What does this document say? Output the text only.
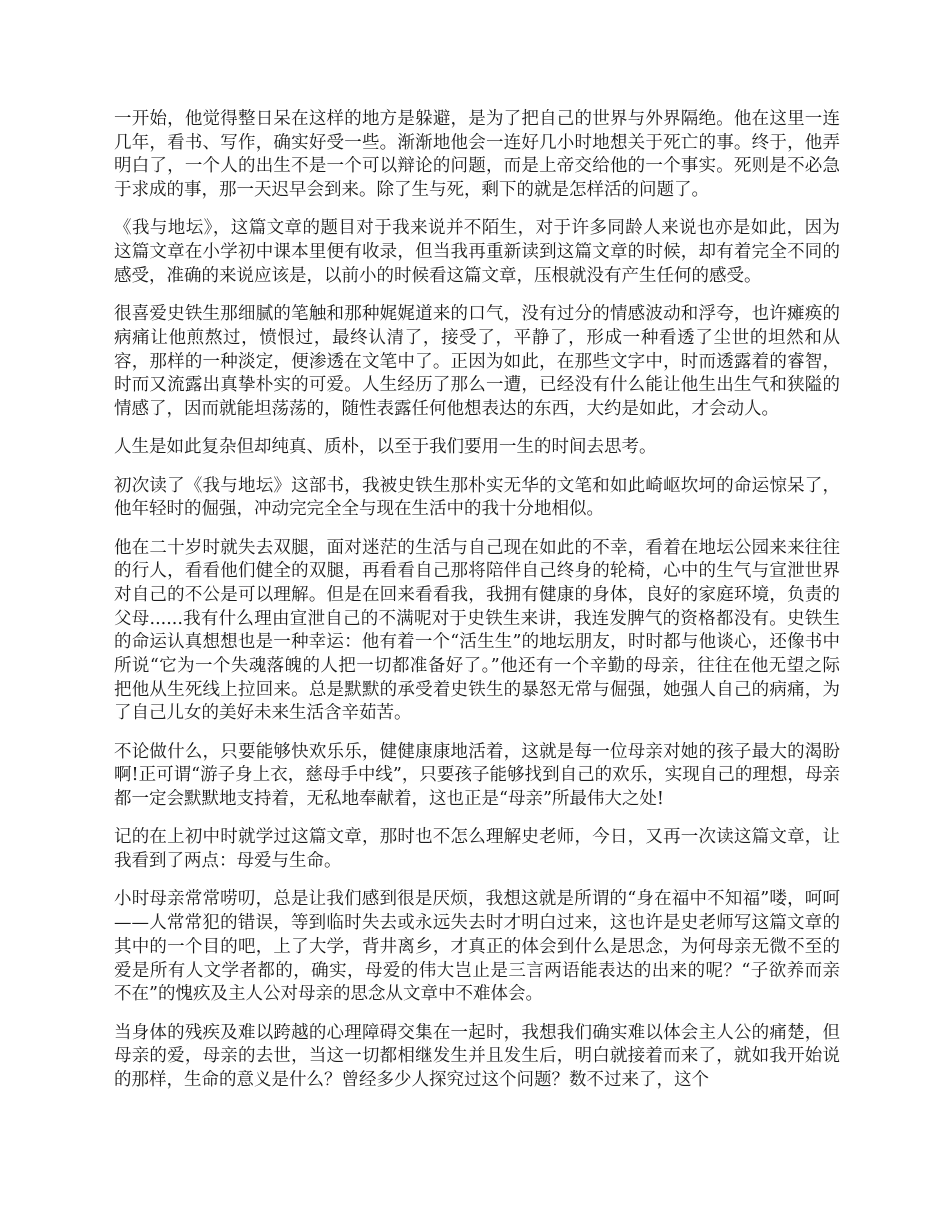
一开始，他觉得整日呆在这样的地方是躲避，是为了把自己的世界与外界隔绝。他在这里一连几年，看书、写作，确实好受一些。渐渐地他会一连好几小时地想关于死亡的事。终于，他弄明白了，一个人的出生不是一个可以辩论的问题，而是上帝交给他的一个事实。死则是不必急于求成的事，那一天迟早会到来。除了生与死，剩下的就是怎样活的问题了。

《我与地坛》，这篇文章的题目对于我来说并不陌生，对于许多同龄人来说也亦是如此，因为这篇文章在小学初中课本里便有收录，但当我再重新读到这篇文章的时候，却有着完全不同的感受，准确的来说应该是，以前小的时候看这篇文章，压根就没有产生任何的感受。

很喜爱史铁生那细腻的笔触和那种娓娓道来的口气，没有过分的情感波动和浮夸，也许瘫痪的病痛让他煎熬过，愤恨过，最终认清了，接受了，平静了，形成一种看透了尘世的坦然和从容，那样的一种淡定，便渗透在文笔中了。正因为如此，在那些文字中，时而透露着的睿智，时而又流露出真挚朴实的可爱。人生经历了那么一遭，已经没有什么能让他生出生气和狭隘的情感了，因而就能坦荡荡的，随性表露任何他想表达的东西，大约是如此，才会动人。

人生是如此复杂但却纯真、质朴，以至于我们要用一生的时间去思考。

初次读了《我与地坛》这部书，我被史铁生那朴实无华的文笔和如此崎岖坎坷的命运惊呆了，他年轻时的倔强，冲动完完全全与现在生活中的我十分地相似。

他在二十岁时就失去双腿，面对迷茫的生活与自己现在如此的不幸，看着在地坛公园来来往往的行人，看看他们健全的双腿，再看看自己那将陪伴自己终身的轮椅，心中的生气与宣泄世界对自己的不公是可以理解。但是在回来看看我，我拥有健康的身体，良好的家庭环境，负责的父母......我有什么理由宣泄自己的不满呢对于史铁生来讲，我连发脾气的资格都没有。史铁生的命运认真想想也是一种幸运：他有着一个“活生生”的地坛朋友，时时都与他谈心，还像书中所说“它为一个失魂落魄的人把一切都准备好了。”他还有一个辛勤的母亲，往往在他无望之际把他从生死线上拉回来。总是默默的承受着史铁生的暴怒无常与倔强，她强人自己的病痛，为了自己儿女的美好未来生活含辛茹苦。

不论做什么，只要能够快欢乐乐，健健康康地活着，这就是每一位母亲对她的孩子最大的渴盼啊!正可谓“游子身上衣，慈母手中线”，只要孩子能够找到自己的欢乐，实现自己的理想，母亲都一定会默默地支持着，无私地奉献着，这也正是“母亲”所最伟大之处!

记的在上初中时就学过这篇文章，那时也不怎么理解史老师，今日，又再一次读这篇文章，让我看到了两点：母爱与生命。

小时母亲常常唠叨，总是让我们感到很是厌烦，我想这就是所谓的“身在福中不知福”喽，呵呵——人常常犯的错误，等到临时失去或永远失去时才明白过来，这也许是史老师写这篇文章的其中的一个目的吧，上了大学，背井离乡，才真正的体会到什么是思念，为何母亲无微不至的爱是所有人文学者都的，确实，母爱的伟大岂止是三言两语能表达的出来的呢？“子欲养而亲不在”的愧疚及主人公对母亲的思念从文章中不难体会。

当身体的残疾及难以跨越的心理障碍交集在一起时，我想我们确实难以体会主人公的痛楚，但母亲的爱，母亲的去世，当这一切都相继发生并且发生后，明白就接着而来了，就如我开始说的那样，生命的意义是什么？曾经多少人探究过这个问题？数不过来了，这个
